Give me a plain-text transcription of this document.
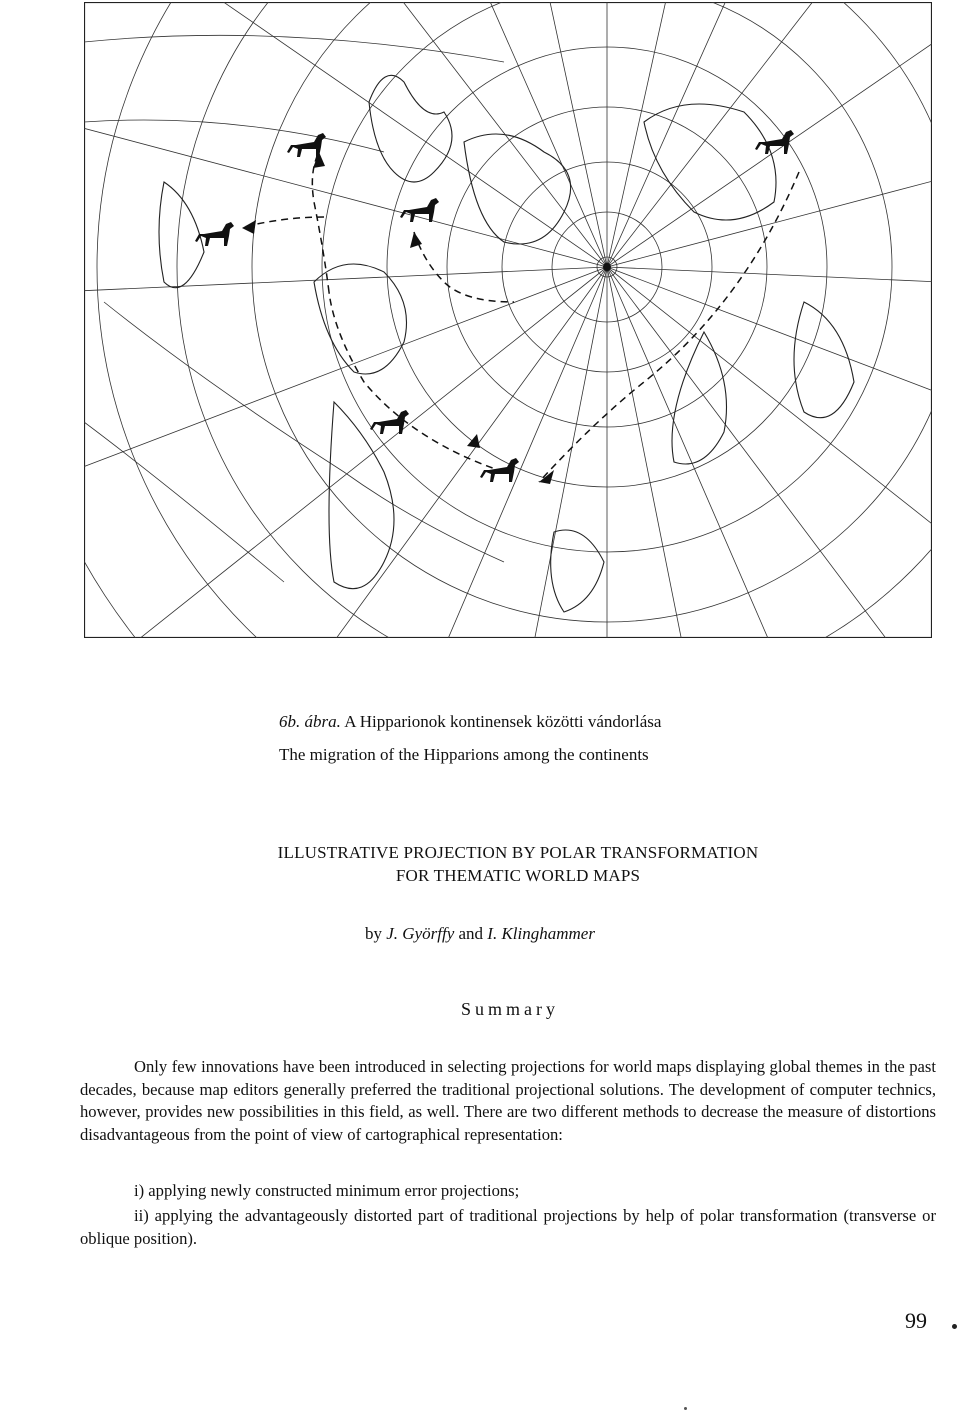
6b. ábra. A Hipparionok kontinensek közötti vándorlása
The migration of the Hipparions among the continents
ILLUSTRATIVE PROJECTION BY POLAR TRANSFORMATION
FOR THEMATIC WORLD MAPS
by J. Györffy and I. Klinghammer
Summary

Only few innovations have been introduced in selecting projections for world maps displaying global themes in the past decades, because map editors generally preferred the traditional projectional solutions. The development of computer technics, however, provides new possibilities in this field, as well. There are two different methods to decrease the measure of distortions disadvantageous from the point of view of cartographical representation:

i) applying newly constructed minimum error projections;

ii) applying the advantageously distorted part of traditional projections by help of polar transformation (transverse or oblique position).

99
